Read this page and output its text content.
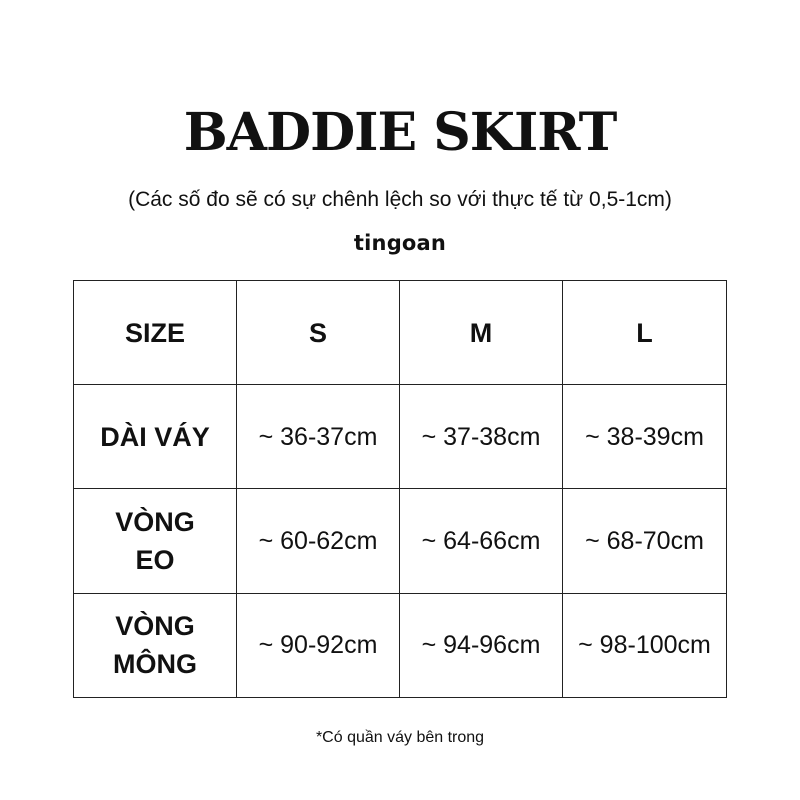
BADDIE SKIRT
(Các số đo sẽ có sự chênh lệch so với thực tế từ 0,5-1cm)
tingoan
SIZE	S	M	L
DÀI VÁY	~ 36-37cm	~ 37-38cm	~ 38-39cm
VÒNG EO	~ 60-62cm	~ 64-66cm	~ 68-70cm
VÒNG MÔNG	~ 90-92cm	~ 94-96cm	~ 98-100cm
*Có quần váy bên trong
